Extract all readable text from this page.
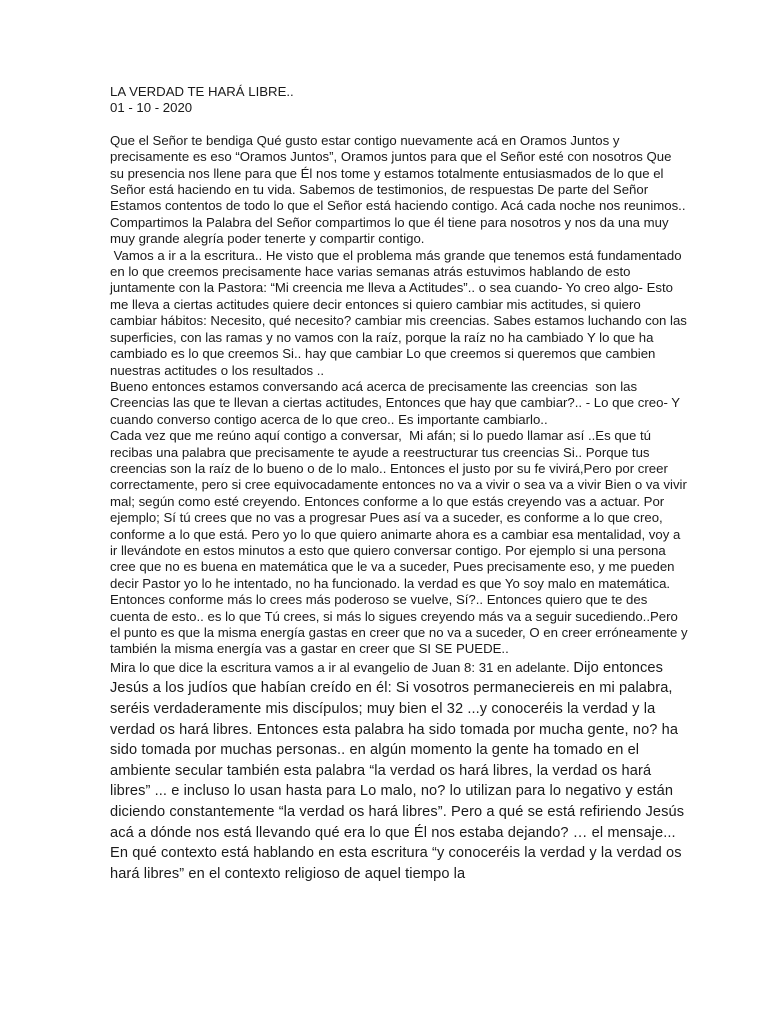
LA VERDAD TE HARÁ LIBRE..

01 - 10 - 2020

Que el Señor te bendiga Qué gusto estar contigo nuevamente acá en Oramos Juntos y precisamente es eso “Oramos Juntos”, Oramos juntos para que el Señor esté con nosotros Que su presencia nos llene para que Él nos tome y estamos totalmente entusiasmados de lo que el Señor está haciendo en tu vida. Sabemos de testimonios, de respuestas De parte del Señor Estamos contentos de todo lo que el Señor está haciendo contigo. Acá cada noche nos reunimos.. Compartimos la Palabra del Señor compartimos lo que él tiene para nosotros y nos da una muy muy grande alegría poder tenerte y compartir contigo.

Vamos a ir a la escritura.. He visto que el problema más grande que tenemos está fundamentado en lo que creemos precisamente hace varias semanas atrás estuvimos hablando de esto juntamente con la Pastora: “Mi creencia me lleva a Actitudes”.. o sea cuando- Yo creo algo- Esto me lleva a ciertas actitudes quiere decir entonces si quiero cambiar mis actitudes, si quiero cambiar hábitos: Necesito, qué necesito? cambiar mis creencias. Sabes estamos luchando con las superficies, con las ramas y no vamos con la raíz, porque la raíz no ha cambiado Y lo que ha cambiado es lo que creemos Si.. hay que cambiar Lo que creemos si queremos que cambien nuestras actitudes o los resultados ..

Bueno entonces estamos conversando acá acerca de precisamente las creencias  son las Creencias las que te llevan a ciertas actitudes, Entonces que hay que cambiar?.. - Lo que creo- Y cuando converso contigo acerca de lo que creo.. Es importante cambiarlo..

Cada vez que me reúno aquí contigo a conversar,  Mi afán; si lo puedo llamar así ..Es que tú recibas una palabra que precisamente te ayude a reestructurar tus creencias Si.. Porque tus creencias son la raíz de lo bueno o de lo malo.. Entonces el justo por su fe vivirá,Pero por creer correctamente, pero si cree equivocadamente entonces no va a vivir o sea va a vivir Bien o va vivir mal; según como esté creyendo. Entonces conforme a lo que estás creyendo vas a actuar. Por ejemplo; Sí tú crees que no vas a progresar Pues así va a suceder, es conforme a lo que creo, conforme a lo que está. Pero yo lo que quiero animarte ahora es a cambiar esa mentalidad, voy a ir llevándote en estos minutos a esto que quiero conversar contigo. Por ejemplo si una persona cree que no es buena en matemática que le va a suceder, Pues precisamente eso, y me pueden decir Pastor yo lo he intentado, no ha funcionado. la verdad es que Yo soy malo en matemática. Entonces conforme más lo crees más poderoso se vuelve, Sí?.. Entonces quiero que te des cuenta de esto.. es lo que Tú crees, si más lo sigues creyendo más va a seguir sucediendo..Pero el punto es que la misma energía gastas en creer que no va a suceder, O en creer erróneamente y también la misma energía vas a gastar en creer que SI SE PUEDE..

Mira lo que dice la escritura vamos a ir al evangelio de Juan 8: 31 en adelante. Dijo entonces Jesús a los judíos que habían creído en él: Si vosotros permaneciereis en mi palabra, seréis verdaderamente mis discípulos; muy bien el 32 ...y conoceréis la verdad y la verdad os hará libres. Entonces esta palabra ha sido tomada por mucha gente, no? ha sido tomada por muchas personas.. en algún momento la gente ha tomado en el ambiente secular también esta palabra “la verdad os hará libres, la verdad os hará libres” ... e incluso lo usan hasta para Lo malo, no? lo utilizan para lo negativo y están diciendo constantemente “la verdad os hará libres”. Pero a qué se está refiriendo Jesús acá a dónde nos está llevando qué era lo que Él nos estaba dejando? … el mensaje... En qué contexto está hablando en esta escritura “y conoceréis la verdad y la verdad os hará libres” en el contexto religioso de aquel tiempo la
